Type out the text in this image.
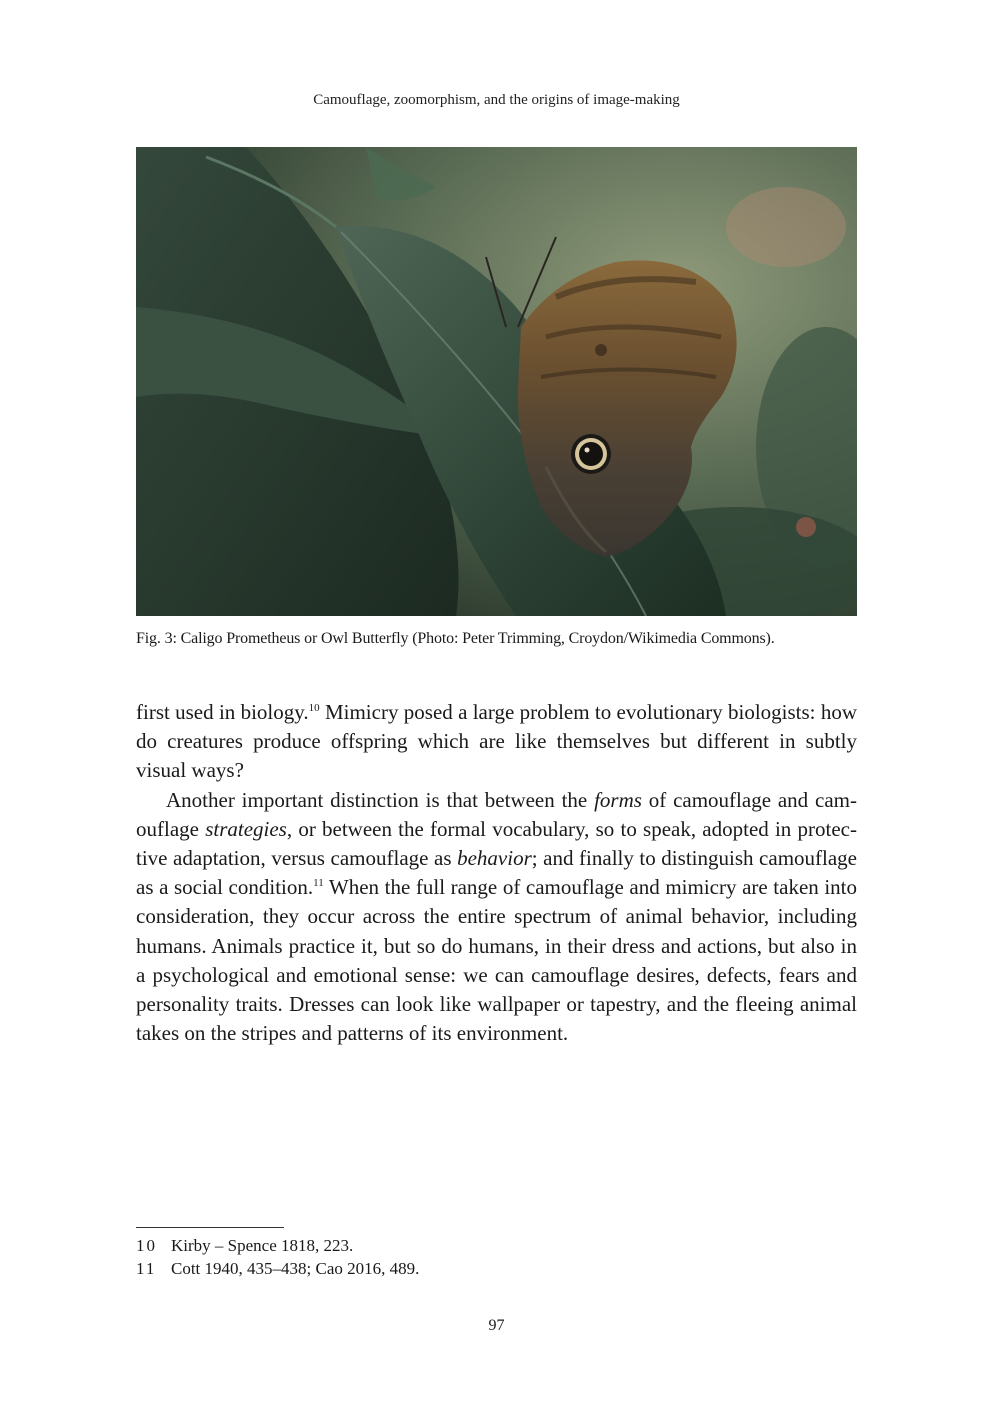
Camouflage, zoomorphism, and the origins of image-making
Fig. 3: Caligo Prometheus or Owl Butterfly (Photo: Peter Trimming, Croydon/Wikimedia Commons).

first used in biology.$^{10}$ Mimicry posed a large problem to evolutionary biologists: how do creatures produce offspring which are like themselves but different in subtly visual ways?

Another important distinction is that between the forms of camouflage and camouflage strategies, or between the formal vocabulary, so to speak, adopted in protective adaptation, versus camouflage as behavior; and finally to distinguish camouflage as a social condition.$^{11}$ When the full range of camouflage and mimicry are taken into consideration, they occur across the entire spectrum of animal behavior, including humans. Animals practice it, but so do humans, in their dress and actions, but also in a psychological and emotional sense: we can camouflage desires, defects, fears and personality traits. Dresses can look like wallpaper or tapestry, and the fleeing animal takes on the stripes and patterns of its environment.

10 Kirby – Spence 1818, 223.
11 Cott 1940, 435–438; Cao 2016, 489.
97
